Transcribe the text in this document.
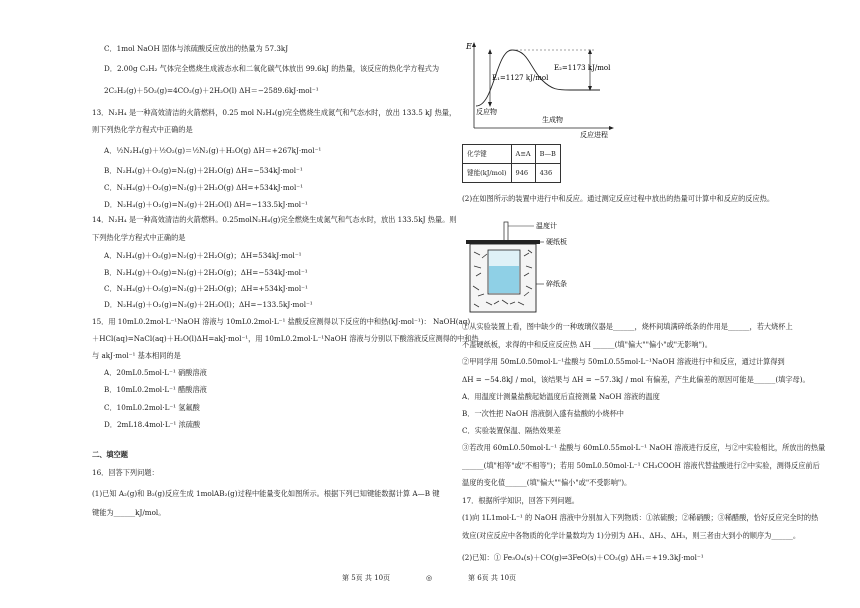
C．1mol NaOH 固体与浓硫酸反应放出的热量为 57.3kJ
D．2.00g C₂H₂ 气体完全燃烧生成液态水和二氧化碳气体放出 99.6kJ 的热量，该反应的热化学方程式为
2C₂H₂(g)＋5O₂(g)=4CO₂(g)＋2H₂O(l) ΔH＝−2589.6kJ·mol⁻¹
13．N₂H₄ 是一种高效清洁的火箭燃料，0.25 mol N₂H₄(g)完全燃烧生成氮气和气态水时，放出 133.5 kJ 热量，
则下列热化学方程式中正确的是
A．½N₂H₄(g)＋½O₂(g)＝½N₂(g)＋H₂O(g) ΔH＝+267kJ·mol⁻¹
B．N₂H₄(g)＋O₂(g)=N₂(g)＋2H₂O(g) ΔH=−534kJ·mol⁻¹
C．N₂H₄(g)＋O₂(g)=N₂(g)＋2H₂O(g) ΔH=+534kJ·mol⁻¹
D．N₂H₄(g)＋O₂(g)=N₂(g)＋2H₂O(l) ΔH=−133.5kJ·mol⁻¹
14．N₂H₄ 是一种高效清洁的火箭燃料。0.25molN₂H₄(g)完全燃烧生成氮气和气态水时，放出 133.5kJ 热量。则
下列热化学方程式中正确的是
A．N₂H₄(g)＋O₂(g)=N₂(g)＋2H₂O(g)；ΔH=534kJ·mol⁻¹
B．N₂H₄(g)＋O₂(g)=N₂(g)＋2H₂O(g)；ΔH=−534kJ·mol⁻¹
C．N₂H₄(g)＋O₂(g)=N₂(g)＋2H₂O(g)；ΔH=+534kJ·mol⁻¹
D．N₂H₄(g)＋O₂(g)=N₂(g)＋2H₂O(l)；ΔH=−133.5kJ·mol⁻¹
15．用 10mL0.2mol·L⁻¹NaOH 溶液与 10mL0.2mol·L⁻¹ 盐酸反应测得以下反应的中和热(kJ·mol⁻¹)： NaOH(aq)
＋HCl(aq)=NaCl(aq)＋H₂O(l)ΔH=akJ·mol⁻¹，用 10mL0.2mol·L⁻¹NaOH 溶液与分别以下酸溶液反应测得的中和热
与 akJ·mol⁻¹ 基本相同的是
A．20mL0.5mol·L⁻¹ 硝酸溶液
B．10mL0.2mol·L⁻¹ 醋酸溶液
C．10mL0.2mol·L⁻¹ 氢氟酸
D．2mL18.4mol·L⁻¹ 浓硫酸
二、填空题
16．回答下列问题：
(1)已知 A₂(g)和 B₂(g)反应生成 1molAB₂(g)过程中能量变化如图所示。根据下列已知键能数据计算 A—B 键
键能为______kJ/mol。
E
E₁=1127 kJ/mol
E₂=1173 kJ/mol
反应物
生成物
反应进程
化学键	A≡A	B—B
键能(kJ/mol)	946	436
(2)在如图所示的装置中进行中和反应。通过测定反应过程中放出的热量可计算中和反应的反应热。
温度计
硬纸板
碎纸条
①从实验装置上看，图中缺少的一种玻璃仪器是______，烧杯间填满碎纸条的作用是______，若大烧杯上
不盖硬纸板，求得的中和反应反应热 ΔH ______(填"偏大""偏小"或"无影响")。
②甲同学用 50mL0.50mol·L⁻¹盐酸与 50mL0.55mol·L⁻¹NaOH 溶液进行中和反应，通过计算得到
ΔH = −54.8kJ / mol，该结果与 ΔH = −57.3kJ / mol 有偏差，产生此偏差的原因可能是______(填字母)。
A．用温度计测量盐酸起始温度后直接测量 NaOH 溶液的温度
B．一次性把 NaOH 溶液倒入盛有盐酸的小烧杯中
C．实验装置保温、隔热效果差
③若改用 60mL0.50mol·L⁻¹ 盐酸与 60mL0.55mol·L⁻¹ NaOH 溶液进行反应，与②中实验相比，所放出的热量
______(填"相等"或"不相等")；若用 50mL0.50mol·L⁻¹ CH₃COOH 溶液代替盐酸进行②中实验，测得反应前后
温度的变化值______(填"偏大""偏小"或"不受影响")。
17．根据所学知识，回答下列问题。
(1)向 1L1mol·L⁻¹ 的 NaOH 溶液中分别加入下列物质：①浓硫酸；②稀硝酸；③稀醋酸，恰好反应完全时的热
效应(对应反应中各物质的化学计量数均为 1)分别为 ΔH₁、ΔH₂、ΔH₃，则三者由大到小的顺序为______。
(2)已知：① Fe₃O₄(s)＋CO(g)⇌3FeO(s)＋CO₂(g) ΔH₁＝+19.3kJ·mol⁻¹
第 5页 共 10页	◎	第 6页 共 10页
